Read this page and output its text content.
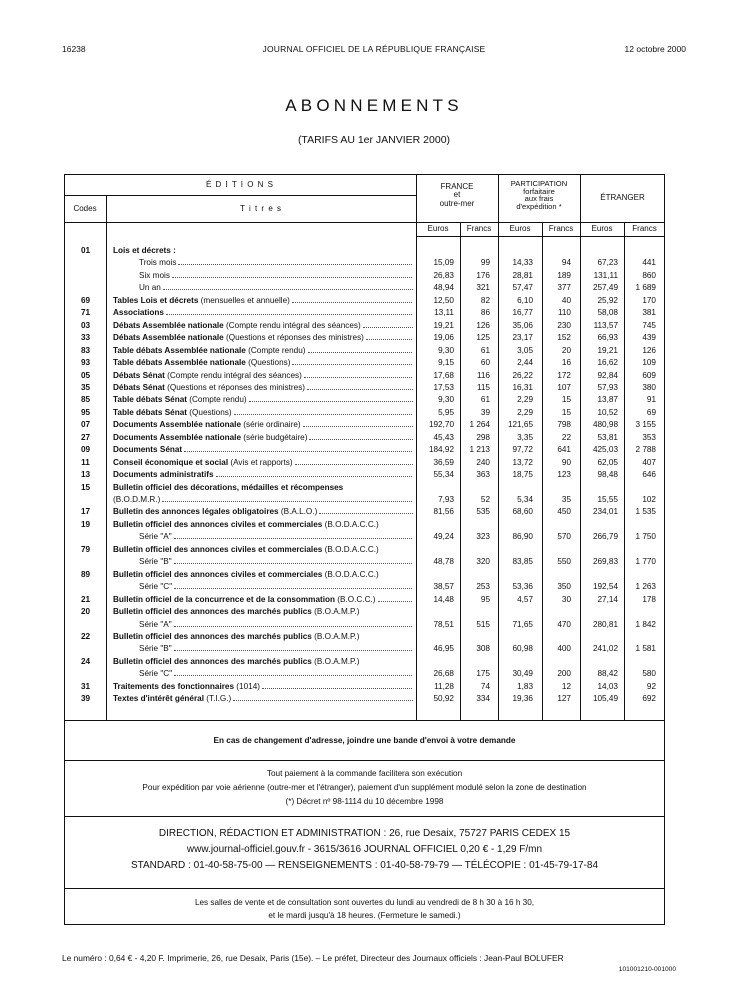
16238	JOURNAL OFFICIEL DE LA RÉPUBLIQUE FRANÇAISE	12 octobre 2000
ABONNEMENTS
(TARIFS AU 1er JANVIER 2000)
É D I T I O N S
Codes	T i t r e s
FRANCE
et
outre-mer
PARTICIPATION
forfaitaire
aux frais
d'expédition *
ÉTRANGER
Euros	Francs	Euros	Francs	Euros	Francs
01	Lois et décrets :
Trois mois	15,09	99	14,33	94	67,23	441
Six mois	26,83	176	28,81	189	131,11	860
Un an	48,94	321	57,47	377	257,49	1 689
69	Tables Lois et décrets (mensuelles et annuelle)	12,50	82	6,10	40	25,92	170
71	Associations	13,11	86	16,77	110	58,08	381
03	Débats Assemblée nationale (Compte rendu intégral des séances)	19,21	126	35,06	230	113,57	745
33	Débats Assemblée nationale (Questions et réponses des ministres)	19,06	125	23,17	152	66,93	439
83	Table débats Assemblée nationale (Compte rendu)	9,30	61	3,05	20	19,21	126
93	Table débats Assemblée nationale (Questions)	9,15	60	2,44	16	16,62	109
05	Débats Sénat (Compte rendu intégral des séances)	17,68	116	26,22	172	92,84	609
35	Débats Sénat (Questions et réponses des ministres)	17,53	115	16,31	107	57,93	380
85	Table débats Sénat (Compte rendu)	9,30	61	2,29	15	13,87	91
95	Table débats Sénat (Questions)	5,95	39	2,29	15	10,52	69
07	Documents Assemblée nationale (série ordinaire)	192,70	1 264	121,65	798	480,98	3 155
27	Documents Assemblée nationale (série budgétaire)	45,43	298	3,35	22	53,81	353
09	Documents Sénat	184,92	1 213	97,72	641	425,03	2 788
11	Conseil économique et social (Avis et rapports)	36,59	240	13,72	90	62,05	407
13	Documents administratifs	55,34	363	18,75	123	98,48	646
15	Bulletin officiel des décorations, médailles et récompenses
(B.O.D.M.R.)	7,93	52	5,34	35	15,55	102
17	Bulletin des annonces légales obligatoires (B.A.L.O.)	81,56	535	68,60	450	234,01	1 535
19	Bulletin officiel des annonces civiles et commerciales (B.O.D.A.C.C.)
Série "A"	49,24	323	86,90	570	266,79	1 750
79	Bulletin officiel des annonces civiles et commerciales (B.O.D.A.C.C.)
Série "B"	48,78	320	83,85	550	269,83	1 770
89	Bulletin officiel des annonces civiles et commerciales (B.O.D.A.C.C.)
Série "C"	38,57	253	53,36	350	192,54	1 263
21	Bulletin officiel de la concurrence et de la consommation (B.O.C.C.)	14,48	95	4,57	30	27,14	178
20	Bulletin officiel des annonces des marchés publics (B.O.A.M.P.)
Série "A"	78,51	515	71,65	470	280,81	1 842
22	Bulletin officiel des annonces des marchés publics (B.O.A.M.P.)
Série "B"	46,95	308	60,98	400	241,02	1 581
24	Bulletin officiel des annonces des marchés publics (B.O.A.M.P.)
Série "C"	26,68	175	30,49	200	88,42	580
31	Traitements des fonctionnaires (1014)	11,28	74	1,83	12	14,03	92
39	Textes d'intérêt général (T.I.G.)	50,92	334	19,36	127	105,49	692
En cas de changement d'adresse, joindre une bande d'envoi à votre demande
Tout paiement à la commande facilitera son exécution
Pour expédition par voie aérienne (outre-mer et l'étranger), paiement d'un supplément modulé selon la zone de destination
(*) Décret nº 98-1114 du 10 décembre 1998
DIRECTION, RÉDACTION ET ADMINISTRATION : 26, rue Desaix, 75727 PARIS CEDEX 15
www.journal-officiel.gouv.fr - 3615/3616 JOURNAL OFFICIEL 0,20 € - 1,29 F/mn
STANDARD : 01-40-58-75-00 — RENSEIGNEMENTS : 01-40-58-79-79 — TÉLÉCOPIE : 01-45-79-17-84
Les salles de vente et de consultation sont ouvertes du lundi au vendredi de 8 h 30 à 16 h 30,
et le mardi jusqu'à 18 heures. (Fermeture le samedi.)
Le numéro : 0,64 € - 4,20 F. Imprimerie, 26, rue Desaix, Paris (15e). – Le préfet, Directeur des Journaux officiels : Jean-Paul BOLUFER
101001210-001000
